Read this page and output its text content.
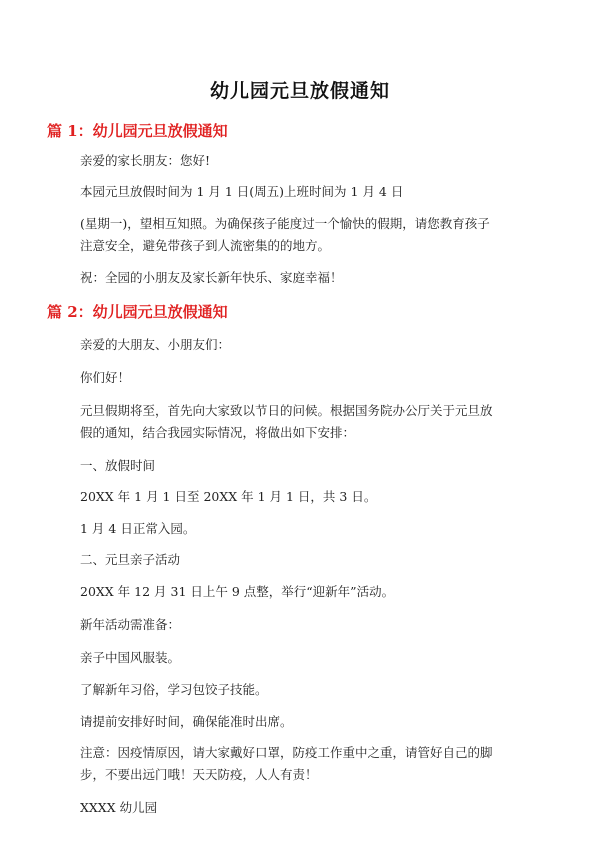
幼儿园元旦放假通知
篇 1：幼儿园元旦放假通知
亲爱的家长朋友：您好!
本园元旦放假时间为 1 月 1 日(周五)上班时间为 1 月 4 日
(星期一)，望相互知照。为确保孩子能度过一个愉快的假期，请您教育孩子
注意安全，避免带孩子到人流密集的的地方。
祝：全园的小朋友及家长新年快乐、家庭幸福！
篇 2：幼儿园元旦放假通知
亲爱的大朋友、小朋友们：
你们好！
元旦假期将至，首先向大家致以节日的问候。根据国务院办公厅关于元旦放
假的通知，结合我园实际情况，将做出如下安排：
一、放假时间
20XX 年 1 月 1 日至 20XX 年 1 月 1 日，共 3 日。
1 月 4 日正常入园。
二、元旦亲子活动
20XX 年 12 月 31 日上午 9 点整，举行“迎新年”活动。
新年活动需准备：
亲子中国风服装。
了解新年习俗，学习包饺子技能。
请提前安排好时间，确保能准时出席。
注意：因疫情原因，请大家戴好口罩，防疫工作重中之重，请管好自己的脚
步，不要出远门哦！天天防疫，人人有责！
XXXX 幼儿园
